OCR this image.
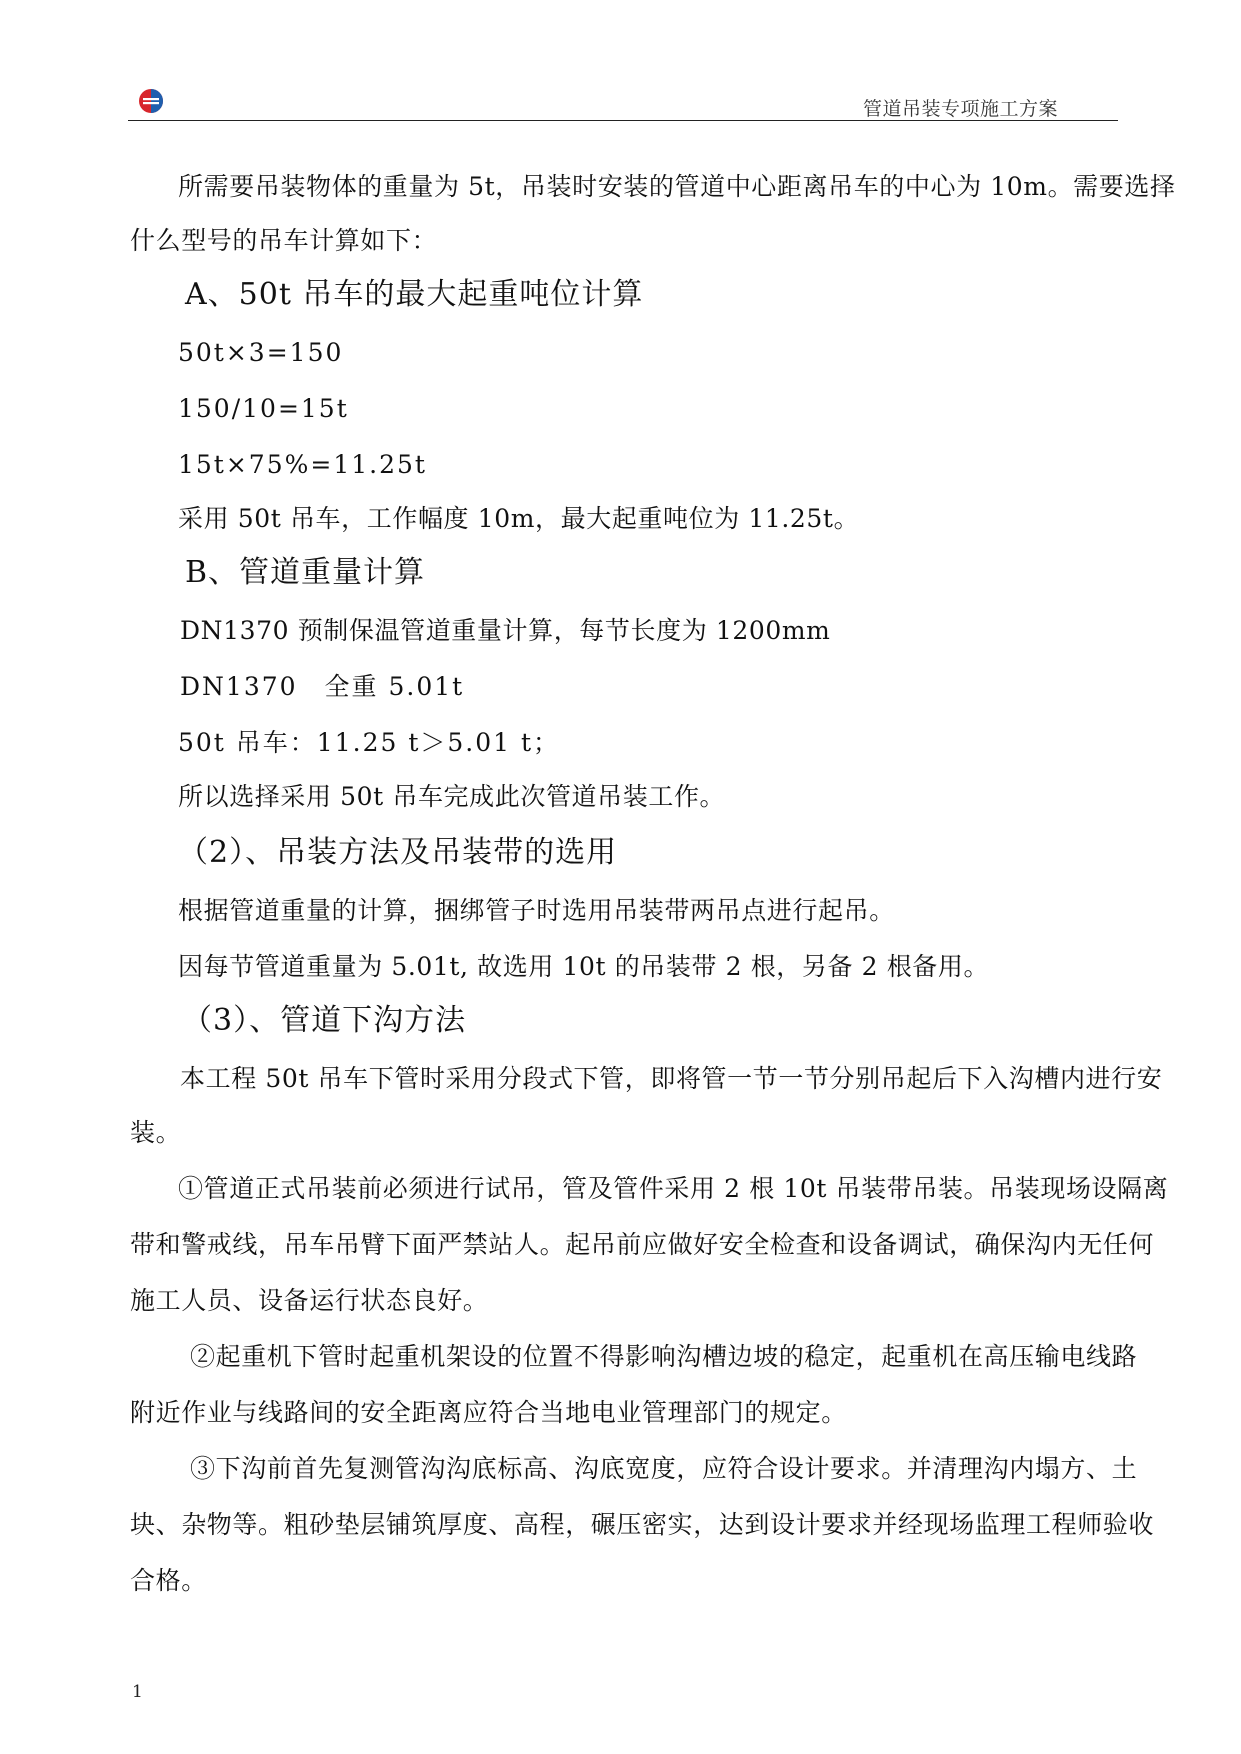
管道吊装专项施工方案
所需要吊装物体的重量为 5t，吊装时安装的管道中心距离吊车的中心为 10m。需要选择
什么型号的吊车计算如下：
A、50t 吊车的最大起重吨位计算
50t×3=150
150/10=15t
15t×75%=11.25t
采用 50t 吊车，工作幅度 10m，最大起重吨位为 11.25t。
B、管道重量计算
DN1370 预制保温管道重量计算，每节长度为 1200mm
DN1370　全重 5.01t
50t 吊车：11.25 t＞5.01 t；
所以选择采用 50t 吊车完成此次管道吊装工作。
（2）、吊装方法及吊装带的选用
根据管道重量的计算，捆绑管子时选用吊装带两吊点进行起吊。
因每节管道重量为 5.01t, 故选用 10t 的吊装带 2 根，另备 2 根备用。
（3）、管道下沟方法
本工程 50t 吊车下管时采用分段式下管，即将管一节一节分别吊起后下入沟槽内进行安
装。
①管道正式吊装前必须进行试吊，管及管件采用 2 根 10t 吊装带吊装。吊装现场设隔离
带和警戒线，吊车吊臂下面严禁站人。起吊前应做好安全检查和设备调试，确保沟内无任何
施工人员、设备运行状态良好。
②起重机下管时起重机架设的位置不得影响沟槽边坡的稳定，起重机在高压输电线路
附近作业与线路间的安全距离应符合当地电业管理部门的规定。
③下沟前首先复测管沟沟底标高、沟底宽度，应符合设计要求。并清理沟内塌方、土
块、杂物等。粗砂垫层铺筑厚度、高程，碾压密实，达到设计要求并经现场监理工程师验收
合格。
1
